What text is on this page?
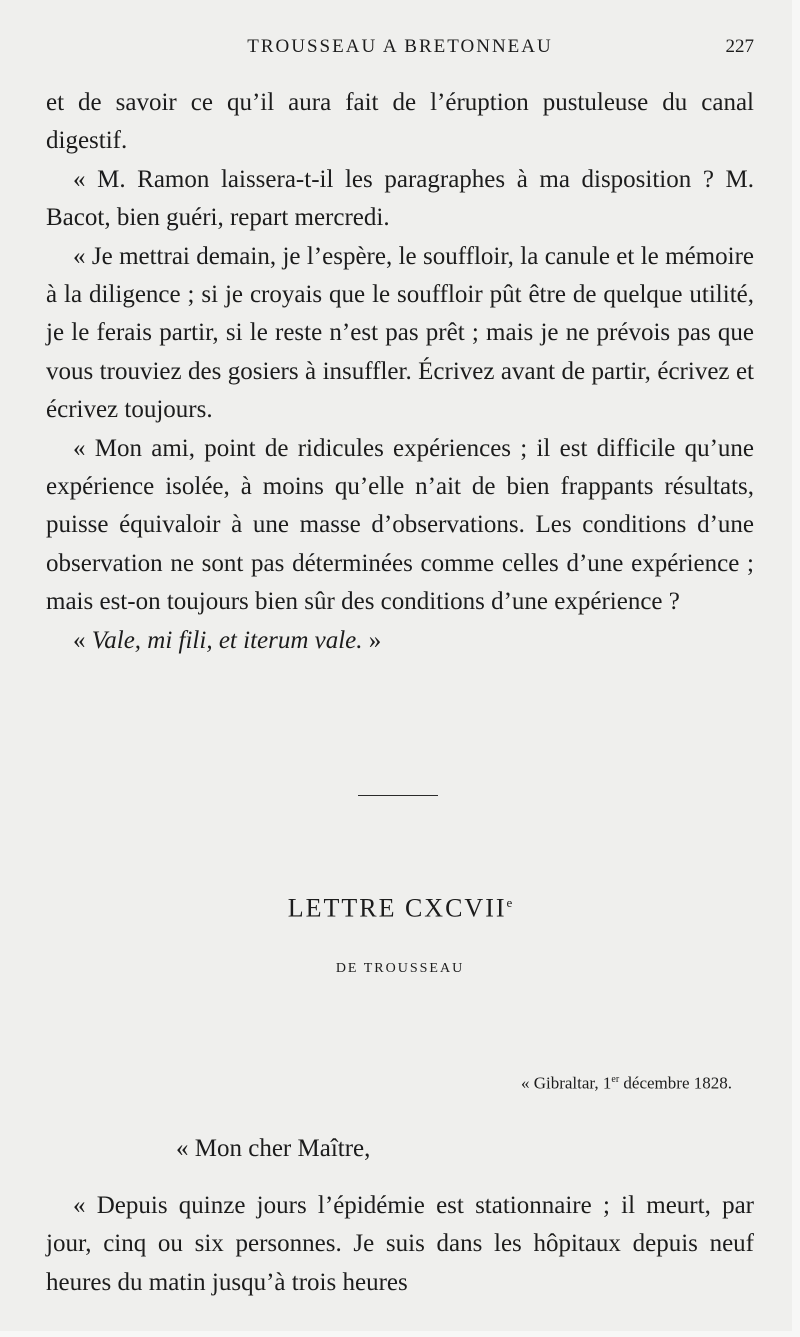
TROUSSEAU A BRETONNEAU	227

et de savoir ce qu’il aura fait de l’éruption pustuleuse du canal digestif.

« M. Ramon laissera-t-il les paragraphes à ma disposition ? M. Bacot, bien guéri, repart mercredi.

« Je mettrai demain, je l’espère, le souffloir, la canule et le mémoire à la diligence ; si je croyais que le souffloir pût être de quelque utilité, je le ferais partir, si le reste n’est pas prêt ; mais je ne prévois pas que vous trouviez des gosiers à insuffler. Écrivez avant de partir, écrivez et écrivez toujours.

« Mon ami, point de ridicules expériences ; il est difficile qu’une expérience isolée, à moins qu’elle n’ait de bien frappants résultats, puisse équivaloir à une masse d’observations. Les conditions d’une observation ne sont pas déterminées comme celles d’une expérience ; mais est-on toujours bien sûr des conditions d’une expérience ?

« Vale, mi fili, et iterum vale. »

LETTRE CXCVIIe
DE TROUSSEAU
« Gibraltar, 1er décembre 1828.
« Mon cher Maître,

« Depuis quinze jours l’épidémie est stationnaire ; il meurt, par jour, cinq ou six personnes. Je suis dans les hôpitaux depuis neuf heures du matin jusqu’à trois heures
